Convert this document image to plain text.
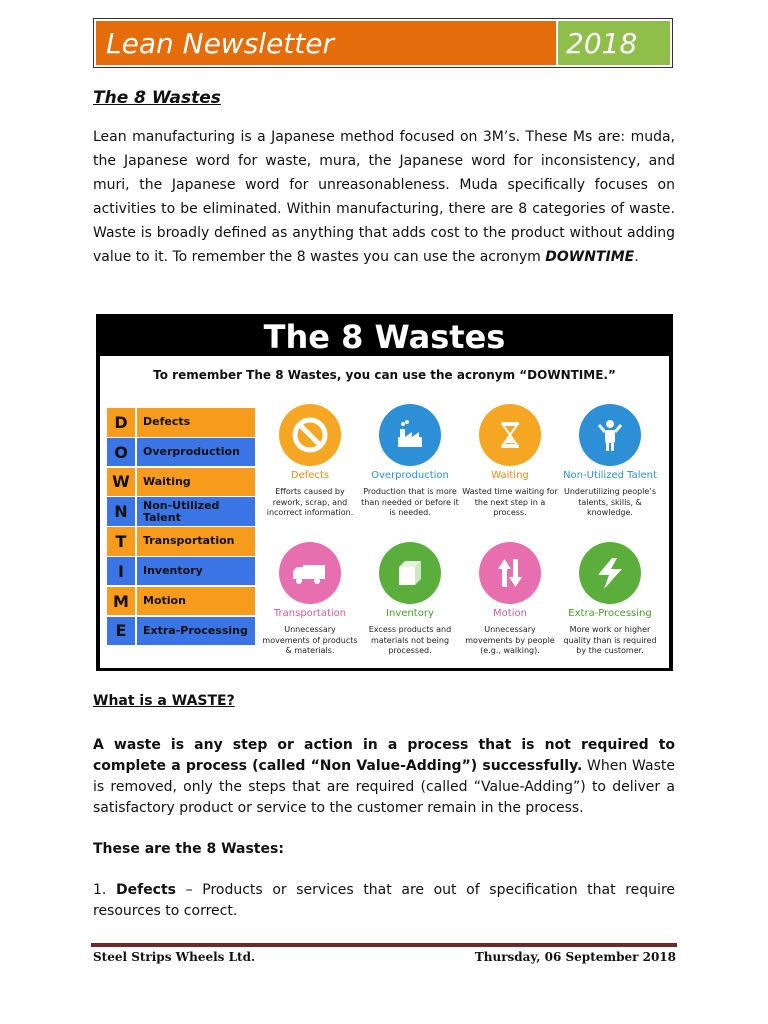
Lean Newsletter	2018
The 8 Wastes

Lean manufacturing is a Japanese method focused on 3M’s. These Ms are: muda, the Japanese word for waste, mura, the Japanese word for inconsistency, and muri, the Japanese word for unreasonableness. Muda specifically focuses on activities to be eliminated. Within manufacturing, there are 8 categories of waste. Waste is broadly defined as anything that adds cost to the product without adding value to it. To remember the 8 wastes you can use the acronym DOWNTIME.

The 8 Wastes
To remember The 8 Wastes, you can use the acronym “DOWNTIME.”
D	Defects
O	Overproduction
W	Waiting
N	Non-Utilized Talent
T	Transportation
I	Inventory
M	Motion
E	Extra-Processing
Defects
Efforts caused by rework, scrap, and incorrect information.
Overproduction
Production that is more than needed or before it is needed.
Waiting
Wasted time waiting for the next step in a process.
Non-Utilized Talent
Underutilizing people’s talents, skills, & knowledge.
Transportation
Unnecessary movements of products & materials.
Inventory
Excess products and materials not being processed.
Motion
Unnecessary movements by people (e.g., walking).
Extra-Processing
More work or higher quality than is required by the customer.
What is a WASTE?

A waste is any step or action in a process that is not required to complete a process (called “Non Value-Adding”) successfully. When Waste is removed, only the steps that are required (called “Value-Adding”) to deliver a satisfactory product or service to the customer remain in the process.

These are the 8 Wastes:

1. Defects – Products or services that are out of specification that require resources to correct.

Steel Strips Wheels Ltd.	Thursday, 06 September 2018
